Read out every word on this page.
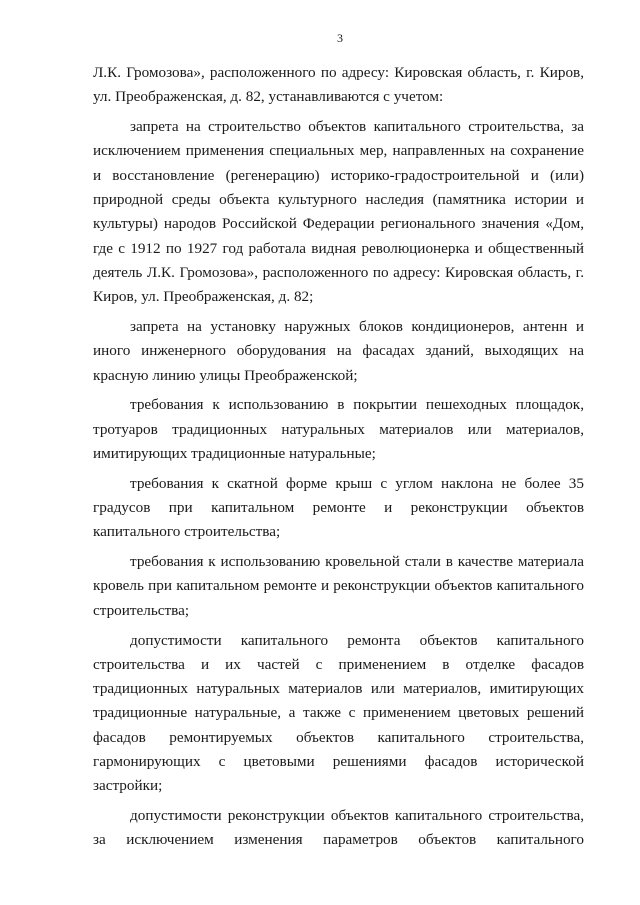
3

Л.К. Громозова», расположенного по адресу: Кировская область, г. Киров, ул. Преображенская, д. 82, устанавливаются с учетом:

запрета на строительство объектов капитального строительства, за исключением применения специальных мер, направленных на сохранение и восстановление (регенерацию) историко-градостроительной и (или) природной среды объекта культурного наследия (памятника истории и культуры) народов Российской Федерации регионального значения «Дом, где с 1912 по 1927 год работала видная революционерка и общественный деятель Л.К. Громозова», расположенного по адресу: Кировская область, г. Киров, ул. Преображенская, д. 82;

запрета на установку наружных блоков кондиционеров, антенн и иного инженерного оборудования на фасадах зданий, выходящих на красную линию улицы Преображенской;

требования к использованию в покрытии пешеходных площадок, тротуаров традиционных натуральных материалов или материалов, имитирующих традиционные натуральные;

требования к скатной форме крыш с углом наклона не более 35 градусов при капитальном ремонте и реконструкции объектов капитального строительства;

требования к использованию кровельной стали в качестве материала кровель при капитальном ремонте и реконструкции объектов капитального строительства;

допустимости капитального ремонта объектов капитального строительства и их частей с применением в отделке фасадов традиционных натуральных материалов или материалов, имитирующих традиционные натуральные, а также с применением цветовых решений фасадов ремонтируемых объектов капитального строительства, гармонирующих с цветовыми решениями фасадов исторической застройки;

допустимости реконструкции объектов капитального строительства, за исключением изменения параметров объектов капитального
